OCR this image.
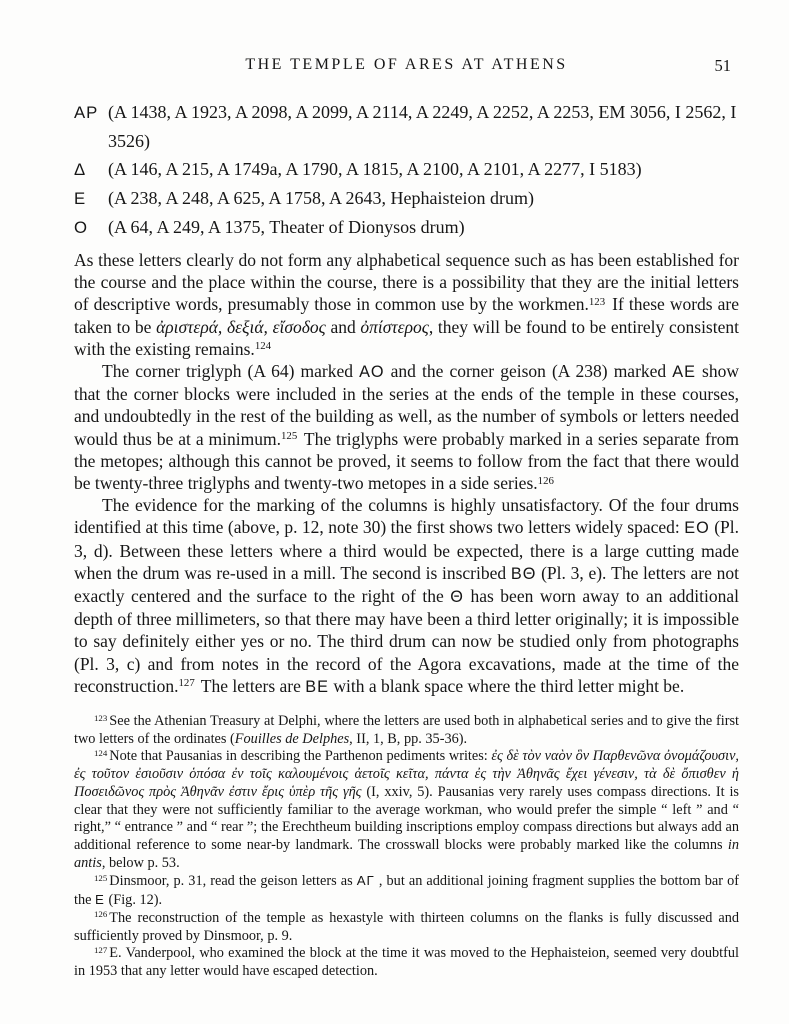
THE TEMPLE OF ARES AT ATHENS	51
AP (A 1438, A 1923, A 2098, A 2099, A 2114, A 2249, A 2252, A 2253, EM 3056, I 2562, I 3526)
Δ (A 146, A 215, A 1749a, A 1790, A 1815, A 2100, A 2101, A 2277, I 5183)
E (A 238, A 248, A 625, A 1758, A 2643, Hephaisteion drum)
O (A 64, A 249, A 1375, Theater of Dionysos drum)

As these letters clearly do not form any alphabetical sequence such as has been established for the course and the place within the course, there is a possibility that they are the initial letters of descriptive words, presumably those in common use by the workmen.$^{123}$ If these words are taken to be ἀριστερά, δεξιά, εἴσοδος and ὀπίστερος, they will be found to be entirely consistent with the existing remains.$^{124}$

The corner triglyph (A 64) marked AO and the corner geison (A 238) marked AE show that the corner blocks were included in the series at the ends of the temple in these courses, and undoubtedly in the rest of the building as well, as the number of symbols or letters needed would thus be at a minimum.$^{125}$ The triglyphs were probably marked in a series separate from the metopes; although this cannot be proved, it seems to follow from the fact that there would be twenty-three triglyphs and twenty-two metopes in a side series.$^{126}$

The evidence for the marking of the columns is highly unsatisfactory. Of the four drums identified at this time (above, p. 12, note 30) the first shows two letters widely spaced: EO (Pl. 3, d). Between these letters where a third would be expected, there is a large cutting made when the drum was re-used in a mill. The second is inscribed BΘ (Pl. 3, e). The letters are not exactly centered and the surface to the right of the Θ has been worn away to an additional depth of three millimeters, so that there may have been a third letter originally; it is impossible to say definitely either yes or no. The third drum can now be studied only from photographs (Pl. 3, c) and from notes in the record of the Agora excavations, made at the time of the reconstruction.$^{127}$ The letters are BE with a blank space where the third letter might be.

$^{123}$ See the Athenian Treasury at Delphi, where the letters are used both in alphabetical series and to give the first two letters of the ordinates (Fouilles de Delphes, II, 1, B, pp. 35-36).
$^{124}$ Note that Pausanias in describing the Parthenon pediments writes: ἐς δὲ τὸν ναὸν ὃν Παρθενῶνα ὀνομάζουσιν, ἐς τοῦτον ἐσιοῦσιν ὁπόσα ἐν τοῖς καλουμένοις ἀετοῖς κεῖτα, πάντα ἐς τὴν Ἀθηνᾶς ἔχει γένεσιν, τὰ δὲ ὄπισθεν ἡ Ποσειδῶνος πρὸς Ἀθηνᾶν ἐστιν ἔρις ὑπὲρ τῆς γῆς (I, xxiv, 5). Pausanias very rarely uses compass directions. It is clear that they were not sufficiently familiar to the average workman, who would prefer the simple “ left ” and “ right,” “ entrance ” and “ rear ”; the Erechtheum building inscriptions employ compass directions but always add an additional reference to some near-by landmark. The crosswall blocks were probably marked like the columns in antis, below p. 53.
$^{125}$ Dinsmoor, p. 31, read the geison letters as AΓ , but an additional joining fragment supplies the bottom bar of the E (Fig. 12).
$^{126}$ The reconstruction of the temple as hexastyle with thirteen columns on the flanks is fully discussed and sufficiently proved by Dinsmoor, p. 9.
$^{127}$ E. Vanderpool, who examined the block at the time it was moved to the Hephaisteion, seemed very doubtful in 1953 that any letter would have escaped detection.
